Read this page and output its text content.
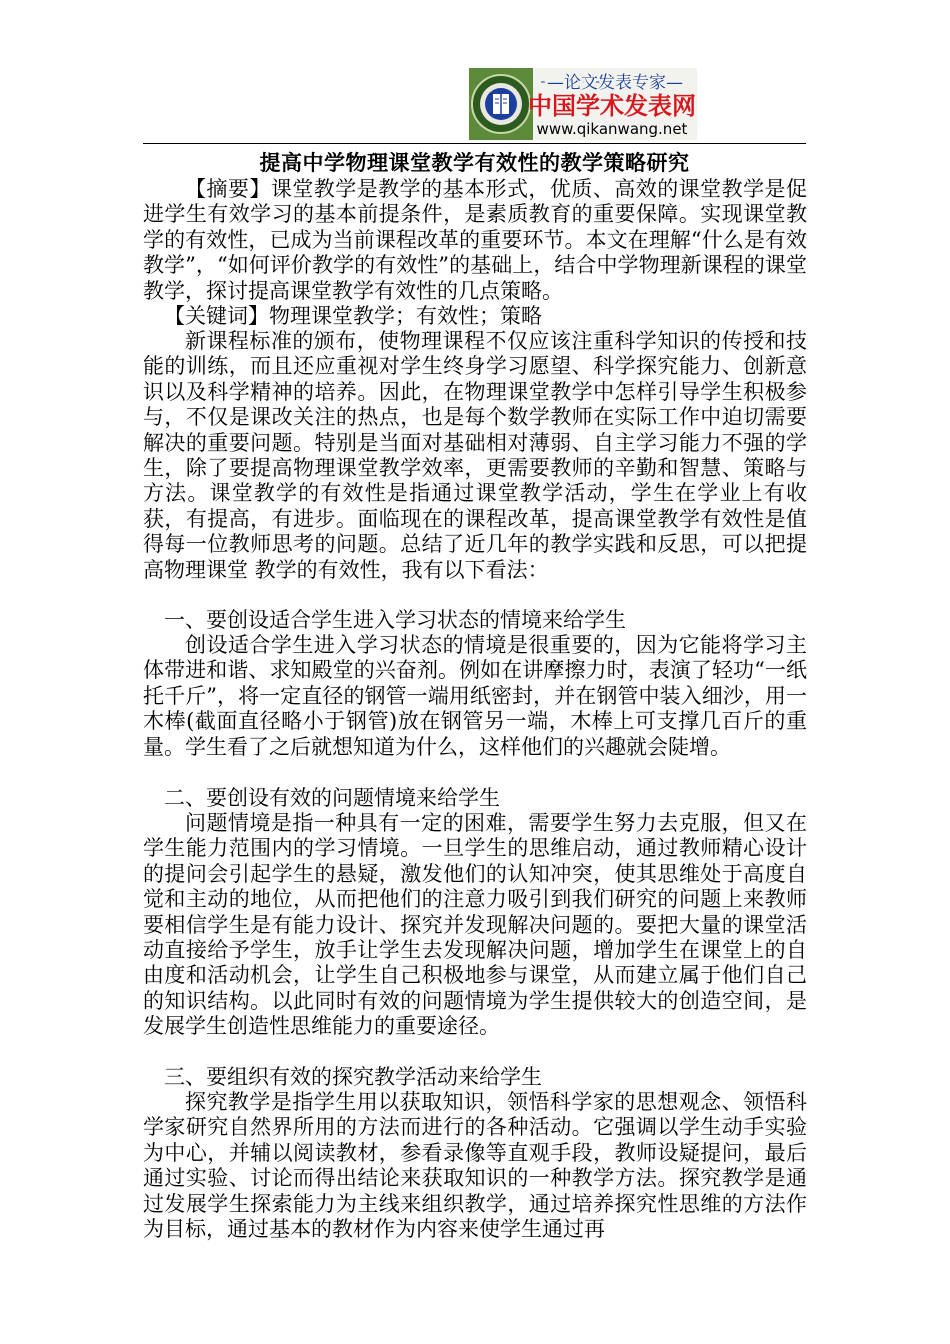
—论文发表专家—
中国学术发表网
www.qikanwang.net
提高中学物理课堂教学有效性的教学策略研究

【摘要】课堂教学是教学的基本形式，优质、高效的课堂教学是促进学生有效学习的基本前提条件，是素质教育的重要保障。实现课堂教学的有效性，已成为当前课程改革的重要环节。本文在理解“什么是有效教学”，“如何评价教学的有效性”的基础上，结合中学物理新课程的课堂教学，探讨提高课堂教学有效性的几点策略。

【关键词】物理课堂教学；有效性；策略

新课程标准的颁布，使物理课程不仅应该注重科学知识的传授和技能的训练，而且还应重视对学生终身学习愿望、科学探究能力、创新意识以及科学精神的培养。因此，在物理课堂教学中怎样引导学生积极参与，不仅是课改关注的热点，也是每个数学教师在实际工作中迫切需要解决的重要问题。特别是当面对基础相对薄弱、自主学习能力不强的学生，除了要提高物理课堂教学效率，更需要教师的辛勤和智慧、策略与方法。课堂教学的有效性是指通过课堂教学活动，学生在学业上有收获，有提高，有进步。面临现在的课程改革，提高课堂教学有效性是值得每一位教师思考的问题。总结了近几年的教学实践和反思，可以把提高物理课堂 教学的有效性，我有以下看法：

一、要创设适合学生进入学习状态的情境来给学生

创设适合学生进入学习状态的情境是很重要的，因为它能将学习主体带进和谐、求知殿堂的兴奋剂。例如在讲摩擦力时，表演了轻功“一纸托千斤”，将一定直径的钢管一端用纸密封，并在钢管中装入细沙，用一木棒(截面直径略小于钢管)放在钢管另一端，木棒上可支撑几百斤的重量。学生看了之后就想知道为什么，这样他们的兴趣就会陡增。

二、要创设有效的问题情境来给学生

问题情境是指一种具有一定的困难，需要学生努力去克服，但又在学生能力范围内的学习情境。一旦学生的思维启动，通过教师精心设计的提问会引起学生的悬疑，激发他们的认知冲突，使其思维处于高度自觉和主动的地位，从而把他们的注意力吸引到我们研究的问题上来教师要相信学生是有能力设计、探究并发现解决问题的。要把大量的课堂活动直接给予学生，放手让学生去发现解决问题，增加学生在课堂上的自由度和活动机会，让学生自己积极地参与课堂，从而建立属于他们自己的知识结构。以此同时有效的问题情境为学生提供较大的创造空间，是发展学生创造性思维能力的重要途径。

三、要组织有效的探究教学活动来给学生

探究教学是指学生用以获取知识，领悟科学家的思想观念、领悟科学家研究自然界所用的方法而进行的各种活动。它强调以学生动手实验为中心，并辅以阅读教材，参看录像等直观手段，教师设疑提问，最后通过实验、讨论而得出结论来获取知识的一种教学方法。探究教学是通过发展学生探索能力为主线来组织教学，通过培养探究性思维的方法作为目标，通过基本的教材作为内容来使学生通过再
